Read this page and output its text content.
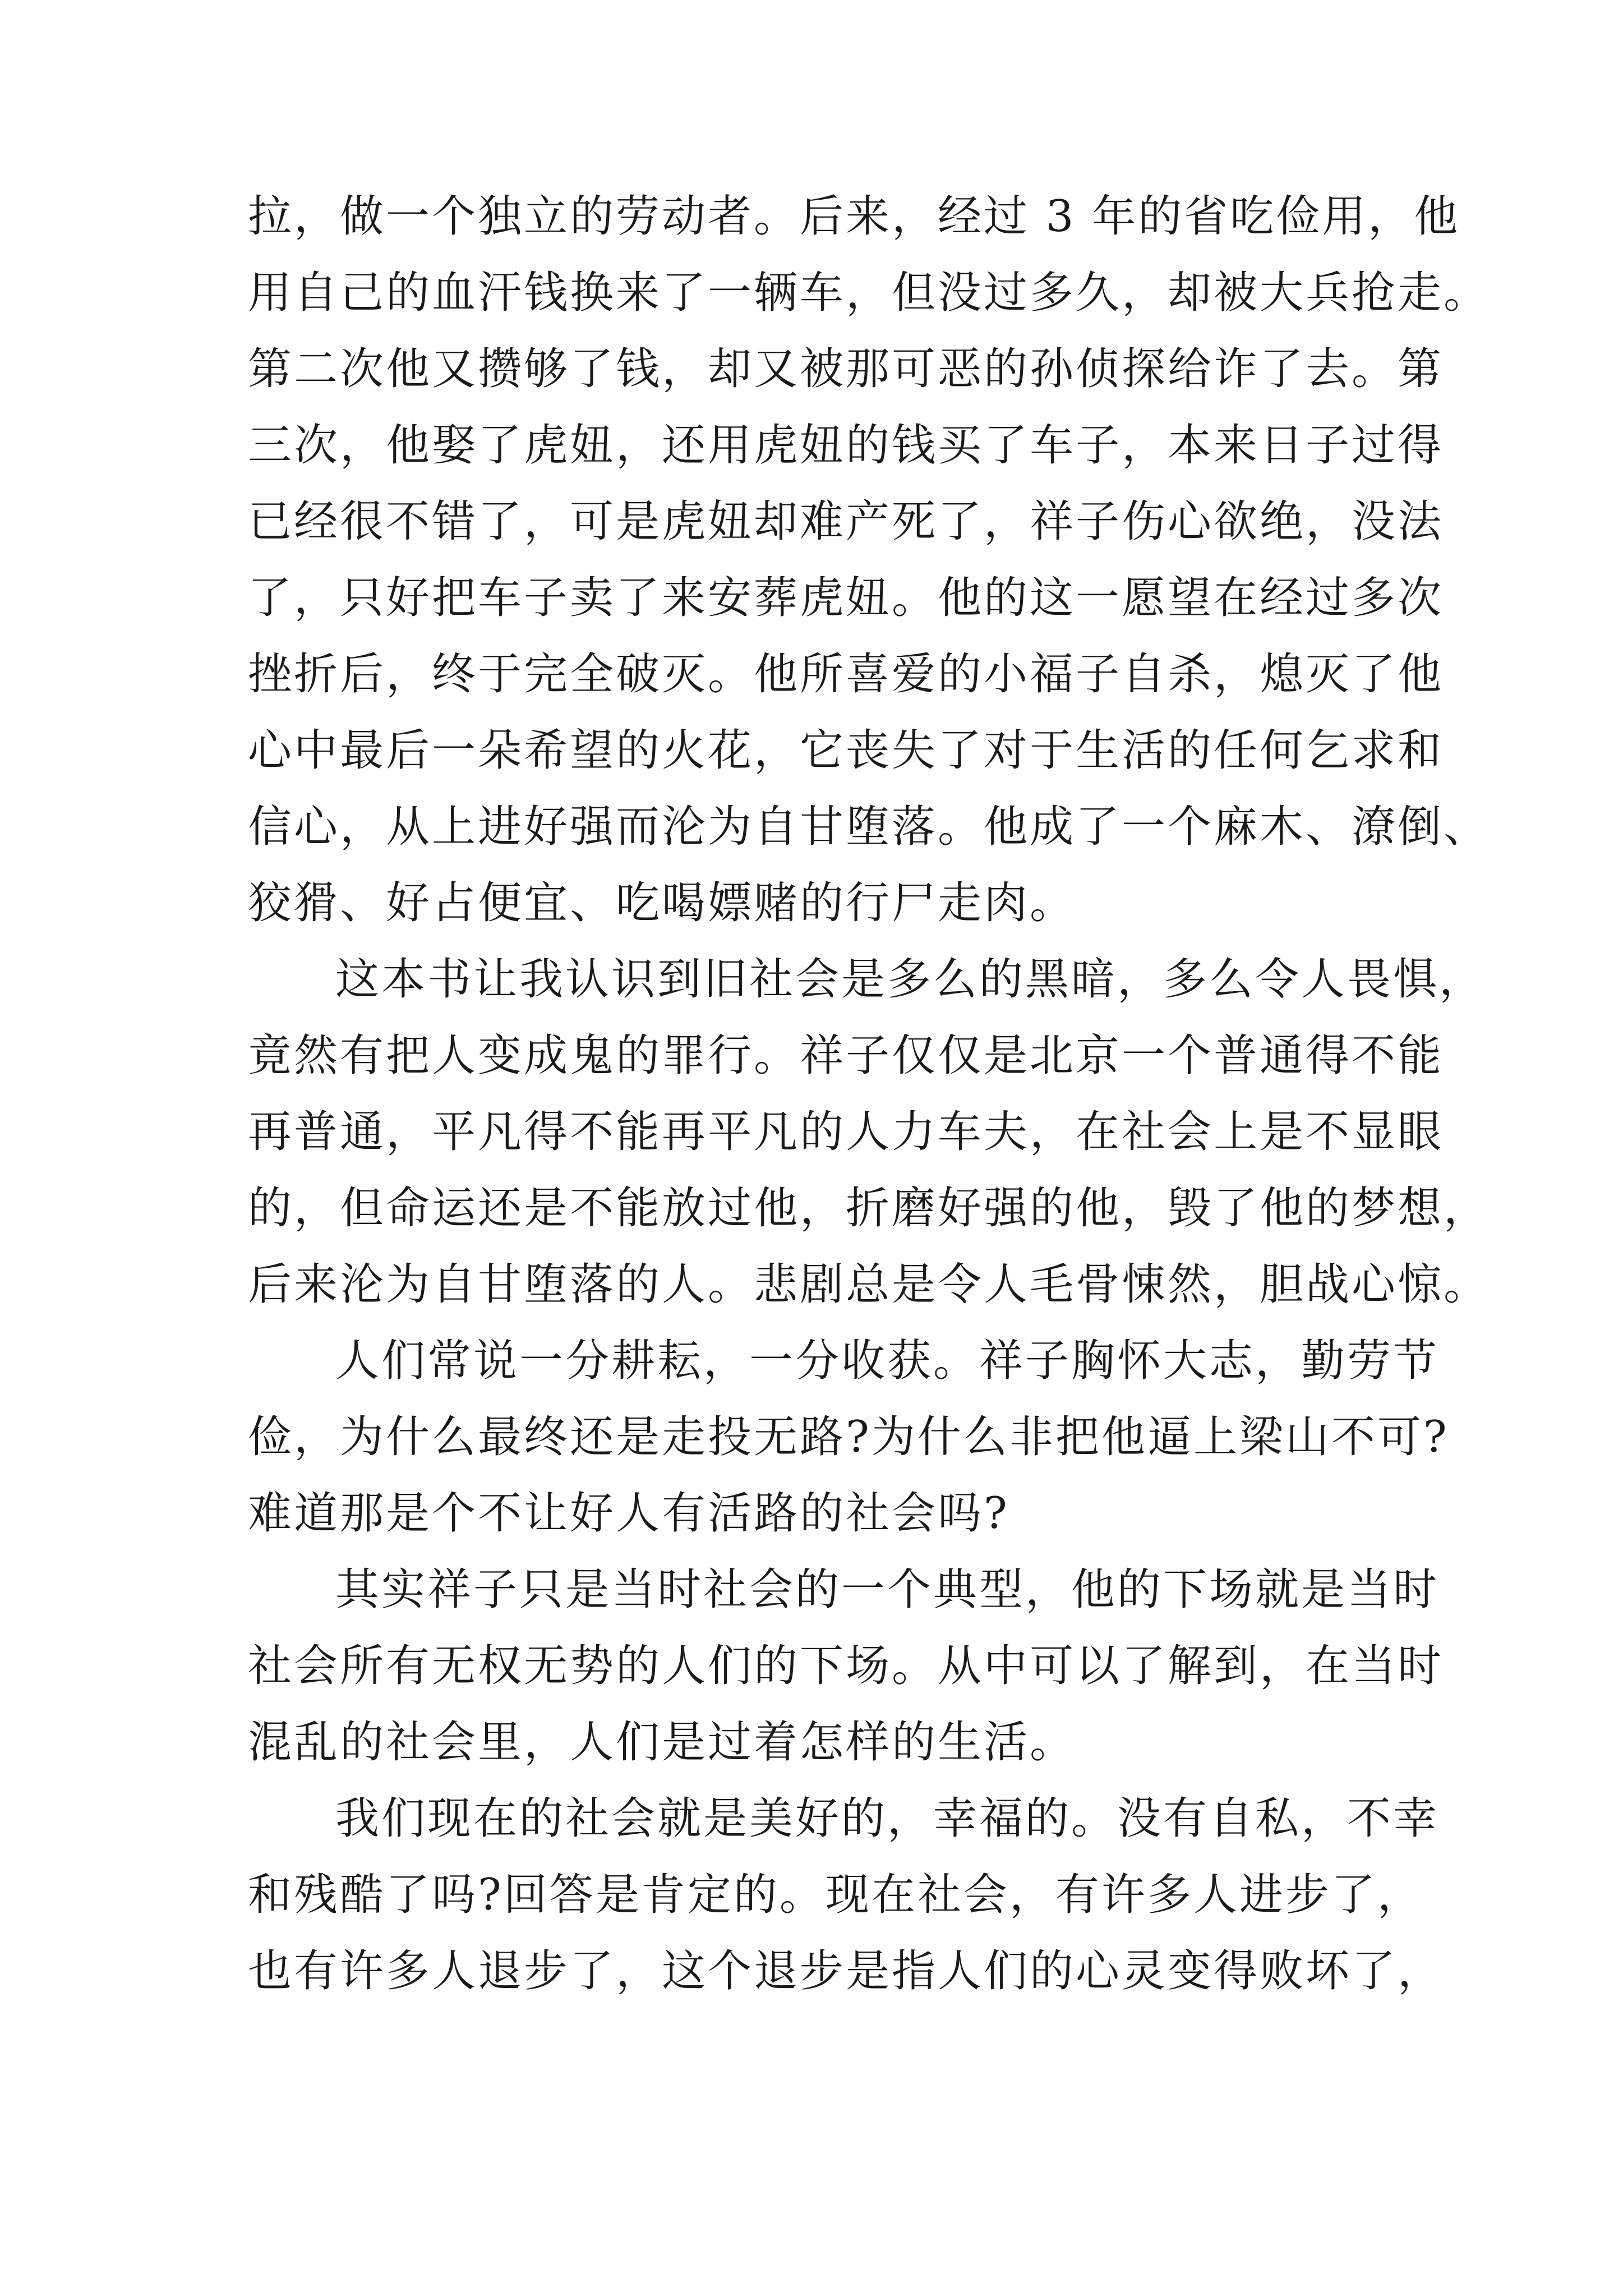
拉，做一个独立的劳动者。后来，经过 3 年的省吃俭用，他
用自己的血汗钱换来了一辆车，但没过多久，却被大兵抢走。
第二次他又攒够了钱，却又被那可恶的孙侦探给诈了去。第
三次，他娶了虎妞，还用虎妞的钱买了车子，本来日子过得
已经很不错了，可是虎妞却难产死了，祥子伤心欲绝，没法
了，只好把车子卖了来安葬虎妞。他的这一愿望在经过多次
挫折后，终于完全破灭。他所喜爱的小福子自杀，熄灭了他
心中最后一朵希望的火花，它丧失了对于生活的任何乞求和
信心，从上进好强而沦为自甘堕落。他成了一个麻木、潦倒、
狡猾、好占便宜、吃喝嫖赌的行尸走肉。
这本书让我认识到旧社会是多么的黑暗，多么令人畏惧，
竟然有把人变成鬼的罪行。祥子仅仅是北京一个普通得不能
再普通，平凡得不能再平凡的人力车夫，在社会上是不显眼
的，但命运还是不能放过他，折磨好强的他，毁了他的梦想，
后来沦为自甘堕落的人。悲剧总是令人毛骨悚然，胆战心惊。
人们常说一分耕耘，一分收获。祥子胸怀大志，勤劳节
俭，为什么最终还是走投无路?为什么非把他逼上梁山不可?
难道那是个不让好人有活路的社会吗?
其实祥子只是当时社会的一个典型，他的下场就是当时
社会所有无权无势的人们的下场。从中可以了解到，在当时
混乱的社会里，人们是过着怎样的生活。
我们现在的社会就是美好的，幸福的。没有自私，不幸
和残酷了吗?回答是肯定的。现在社会，有许多人进步了，
也有许多人退步了，这个退步是指人们的心灵变得败坏了，
